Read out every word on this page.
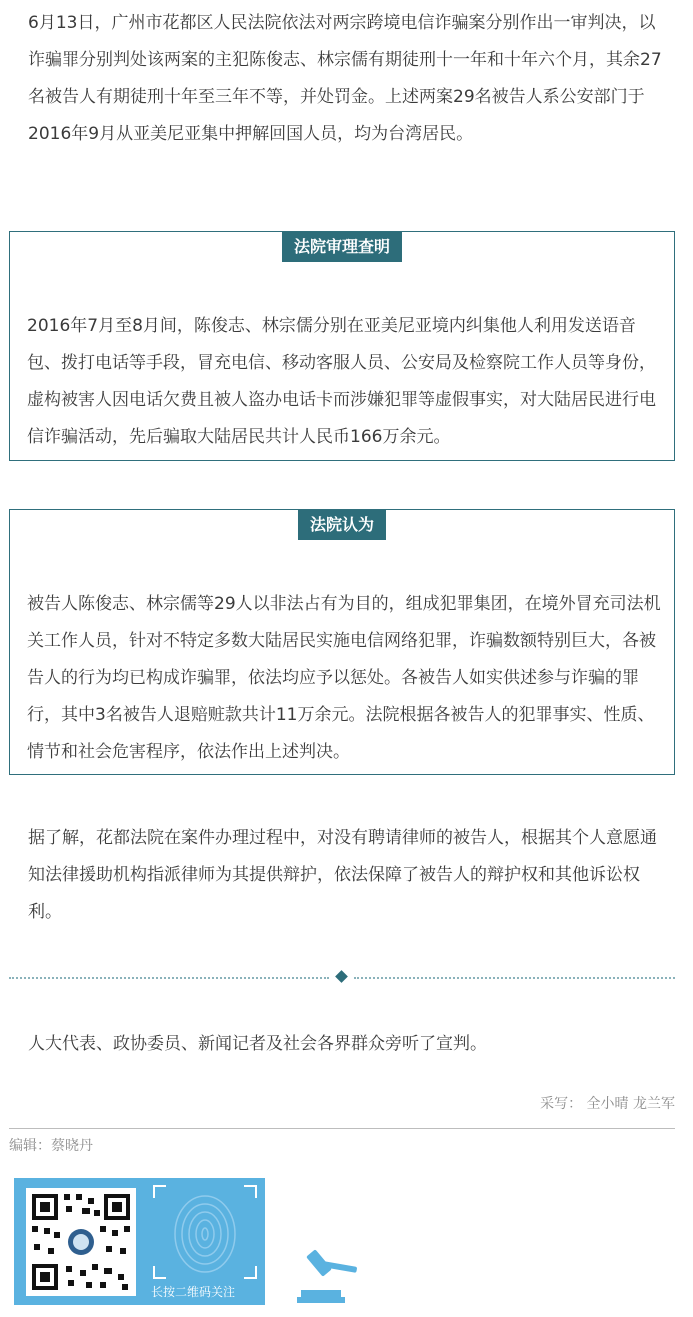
6月13日，广州市花都区人民法院依法对两宗跨境电信诈骗案分别作出一审判决，以诈骗罪分别判处该两案的主犯陈俊志、林宗儒有期徒刑十一年和十年六个月，其余27名被告人有期徒刑十年至三年不等，并处罚金。上述两案29名被告人系公安部门于2016年9月从亚美尼亚集中押解回国人员，均为台湾居民。

法院审理查明

2016年7月至8月间，陈俊志、林宗儒分别在亚美尼亚境内纠集他人利用发送语音包、拨打电话等手段，冒充电信、移动客服人员、公安局及检察院工作人员等身份，虚构被害人因电话欠费且被人盗办电话卡而涉嫌犯罪等虚假事实，对大陆居民进行电信诈骗活动，先后骗取大陆居民共计人民币166万余元。

法院认为

被告人陈俊志、林宗儒等29人以非法占有为目的，组成犯罪集团，在境外冒充司法机关工作人员，针对不特定多数大陆居民实施电信网络犯罪，诈骗数额特别巨大，各被告人的行为均已构成诈骗罪，依法均应予以惩处。各被告人如实供述参与诈骗的罪行，其中3名被告人退赔赃款共计11万余元。法院根据各被告人的犯罪事实、性质、情节和社会危害程序，依法作出上述判决。

据了解，花都法院在案件办理过程中，对没有聘请律师的被告人，根据其个人意愿通知法律援助机构指派律师为其提供辩护，依法保障了被告人的辩护权和其他诉讼权利。

人大代表、政协委员、新闻记者及社会各界群众旁听了宣判。

采写： 全小晴 龙兰军
编辑：蔡晓丹
长按二维码关注
